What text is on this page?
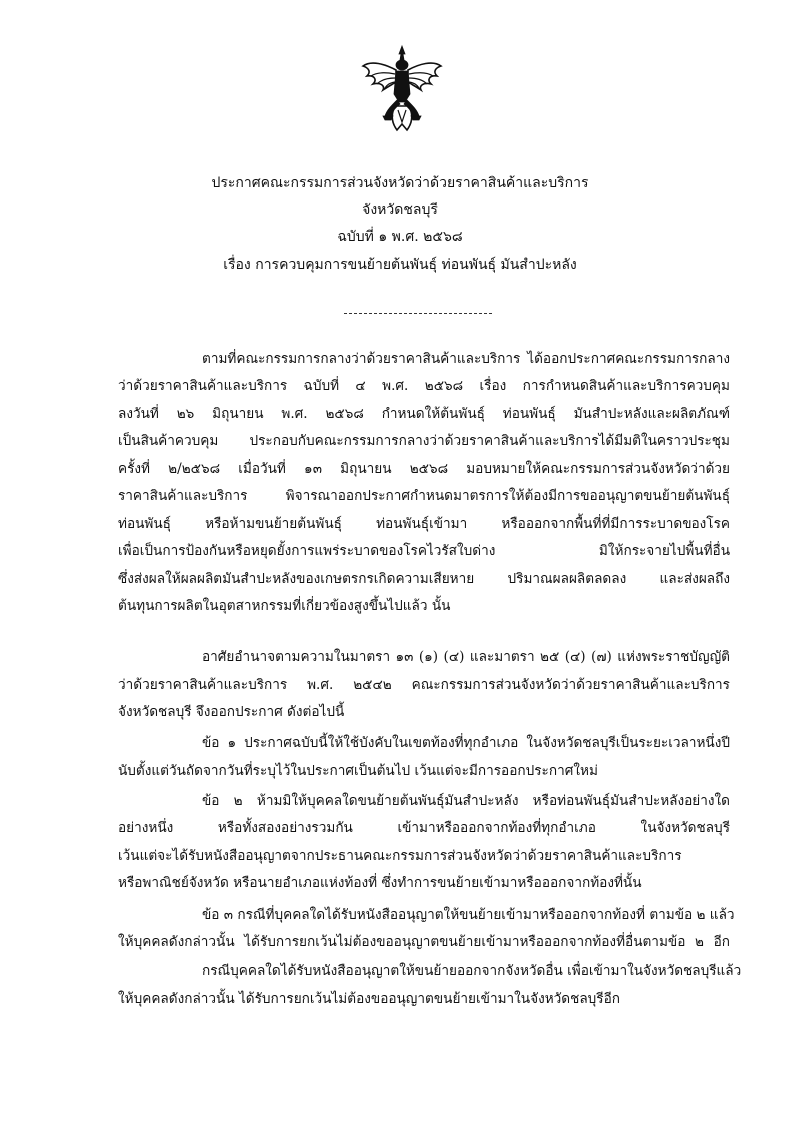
ประกาศคณะกรรมการส่วนจังหวัดว่าด้วยราคาสินค้าและบริการ
จังหวัดชลบุรี
ฉบับที่ ๑ พ.ศ. ๒๕๖๘
เรื่อง การควบคุมการขนย้ายต้นพันธุ์ ท่อนพันธุ์ มันสำปะหลัง
ตามที่คณะกรรมการกลางว่าด้วยราคาสินค้าและบริการ ได้ออกประกาศคณะกรรมการกลาง
ว่าด้วยราคาสินค้าและบริการ ฉบับที่ ๔ พ.ศ. ๒๕๖๘ เรื่อง การกำหนดสินค้าและบริการควบคุม
ลงวันที่ ๒๖ มิถุนายน พ.ศ. ๒๕๖๘ กำหนดให้ต้นพันธุ์ ท่อนพันธุ์ มันสำปะหลังและผลิตภัณฑ์
เป็นสินค้าควบคุม ประกอบกับคณะกรรมการกลางว่าด้วยราคาสินค้าและบริการได้มีมติในคราวประชุม
ครั้งที่ ๒/๒๕๖๘ เมื่อวันที่ ๑๓ มิถุนายน ๒๕๖๘ มอบหมายให้คณะกรรมการส่วนจังหวัดว่าด้วย
ราคาสินค้าและบริการ พิจารณาออกประกาศกำหนดมาตรการให้ต้องมีการขออนุญาตขนย้ายต้นพันธุ์
ท่อนพันธุ์ หรือห้ามขนย้ายต้นพันธุ์ ท่อนพันธุ์เข้ามา หรือออกจากพื้นที่ที่มีการระบาดของโรค
เพื่อเป็นการป้องกันหรือหยุดยั้งการแพร่ระบาดของโรคไวรัสใบด่าง มิให้กระจายไปพื้นที่อื่น
ซึ่งส่งผลให้ผลผลิตมันสำปะหลังของเกษตรกรเกิดความเสียหาย ปริมาณผลผลิตลดลง และส่งผลถึง
ต้นทุนการผลิตในอุตสาหกรรมที่เกี่ยวข้องสูงขึ้นไปแล้ว นั้น
อาศัยอำนาจตามความในมาตรา ๑๓ (๑) (๔) และมาตรา ๒๕ (๔) (๗) แห่งพระราชบัญญัติ
ว่าด้วยราคาสินค้าและบริการ พ.ศ. ๒๕๔๒ คณะกรรมการส่วนจังหวัดว่าด้วยราคาสินค้าและบริการ
จังหวัดชลบุรี จึงออกประกาศ ดังต่อไปนี้
ข้อ ๑ ประกาศฉบับนี้ให้ใช้บังคับในเขตท้องที่ทุกอำเภอ ในจังหวัดชลบุรีเป็นระยะเวลาหนึ่งปี
นับตั้งแต่วันถัดจากวันที่ระบุไว้ในประกาศเป็นต้นไป เว้นแต่จะมีการออกประกาศใหม่
ข้อ ๒ ห้ามมิให้บุคคลใดขนย้ายต้นพันธุ์มันสำปะหลัง หรือท่อนพันธุ์มันสำปะหลังอย่างใด
อย่างหนึ่ง หรือทั้งสองอย่างรวมกัน เข้ามาหรือออกจากท้องที่ทุกอำเภอ ในจังหวัดชลบุรี
เว้นแต่จะได้รับหนังสืออนุญาตจากประธานคณะกรรมการส่วนจังหวัดว่าด้วยราคาสินค้าและบริการ
หรือพาณิชย์จังหวัด หรือนายอำเภอแห่งท้องที่ ซึ่งทำการขนย้ายเข้ามาหรือออกจากท้องที่นั้น
ข้อ ๓ กรณีที่บุคคลใดได้รับหนังสืออนุญาตให้ขนย้ายเข้ามาหรือออกจากท้องที่ ตามข้อ ๒ แล้ว
ให้บุคคลดังกล่าวนั้น ได้รับการยกเว้นไม่ต้องขออนุญาตขนย้ายเข้ามาหรือออกจากท้องที่อื่นตามข้อ ๒ อีก
กรณีบุคคลใดได้รับหนังสืออนุญาตให้ขนย้ายออกจากจังหวัดอื่น เพื่อเข้ามาในจังหวัดชลบุรีแล้ว
ให้บุคคลดังกล่าวนั้น ได้รับการยกเว้นไม่ต้องขออนุญาตขนย้ายเข้ามาในจังหวัดชลบุรีอีก
